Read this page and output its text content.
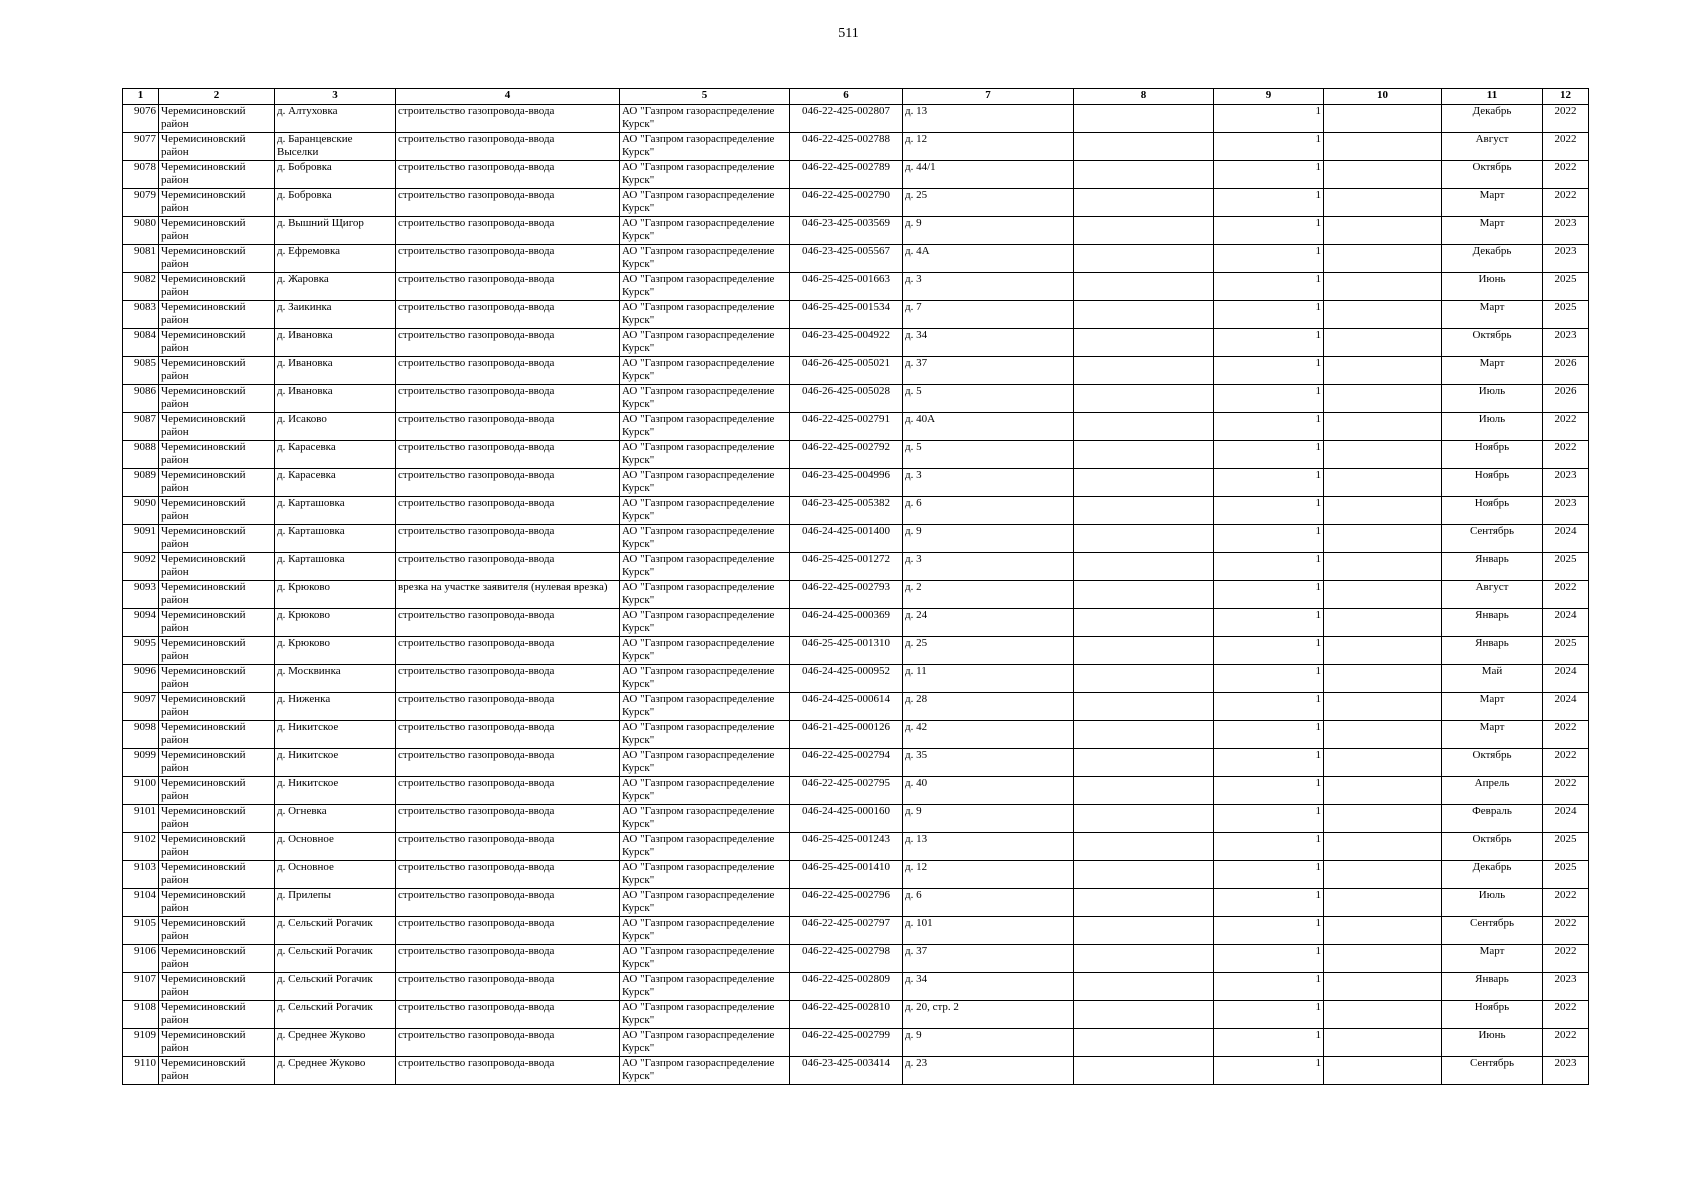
511
1	2	3	4	5	6	7	8	9	10	11	12

9076	Черемисиновский район	д. Алтуховка	строительство газопровода-ввода	АО "Газпром газораспределение Курск"	046-22-425-002807	д. 13		1		Декабрь	2022

9077	Черемисиновский район	д. Баранцевские Выселки	строительство газопровода-ввода	АО "Газпром газораспределение Курск"	046-22-425-002788	д. 12		1		Август	2022

9078	Черемисиновский район	д. Бобровка	строительство газопровода-ввода	АО "Газпром газораспределение Курск"	046-22-425-002789	д. 44/1		1		Октябрь	2022

9079	Черемисиновский район	д. Бобровка	строительство газопровода-ввода	АО "Газпром газораспределение Курск"	046-22-425-002790	д. 25		1		Март	2022

9080	Черемисиновский район	д. Вышний Щигор	строительство газопровода-ввода	АО "Газпром газораспределение Курск"	046-23-425-003569	д. 9		1		Март	2023

9081	Черемисиновский район	д. Ефремовка	строительство газопровода-ввода	АО "Газпром газораспределение Курск"	046-23-425-005567	д. 4А		1		Декабрь	2023

9082	Черемисиновский район	д. Жаровка	строительство газопровода-ввода	АО "Газпром газораспределение Курск"	046-25-425-001663	д. 3		1		Июнь	2025

9083	Черемисиновский район	д. Заикинка	строительство газопровода-ввода	АО "Газпром газораспределение Курск"	046-25-425-001534	д. 7		1		Март	2025

9084	Черемисиновский район	д. Ивановка	строительство газопровода-ввода	АО "Газпром газораспределение Курск"	046-23-425-004922	д. 34		1		Октябрь	2023

9085	Черемисиновский район	д. Ивановка	строительство газопровода-ввода	АО "Газпром газораспределение Курск"	046-26-425-005021	д. 37		1		Март	2026

9086	Черемисиновский район	д. Ивановка	строительство газопровода-ввода	АО "Газпром газораспределение Курск"	046-26-425-005028	д. 5		1		Июль	2026

9087	Черемисиновский район	д. Исаково	строительство газопровода-ввода	АО "Газпром газораспределение Курск"	046-22-425-002791	д. 40А		1		Июль	2022

9088	Черемисиновский район	д. Карасевка	строительство газопровода-ввода	АО "Газпром газораспределение Курск"	046-22-425-002792	д. 5		1		Ноябрь	2022

9089	Черемисиновский район	д. Карасевка	строительство газопровода-ввода	АО "Газпром газораспределение Курск"	046-23-425-004996	д. 3		1		Ноябрь	2023

9090	Черемисиновский район	д. Карташовка	строительство газопровода-ввода	АО "Газпром газораспределение Курск"	046-23-425-005382	д. 6		1		Ноябрь	2023

9091	Черемисиновский район	д. Карташовка	строительство газопровода-ввода	АО "Газпром газораспределение Курск"	046-24-425-001400	д. 9		1		Сентябрь	2024

9092	Черемисиновский район	д. Карташовка	строительство газопровода-ввода	АО "Газпром газораспределение Курск"	046-25-425-001272	д. 3		1		Январь	2025

9093	Черемисиновский район	д. Крюково	врезка на участке заявителя (нулевая врезка)	АО "Газпром газораспределение Курск"	046-22-425-002793	д. 2		1		Август	2022

9094	Черемисиновский район	д. Крюково	строительство газопровода-ввода	АО "Газпром газораспределение Курск"	046-24-425-000369	д. 24		1		Январь	2024

9095	Черемисиновский район	д. Крюково	строительство газопровода-ввода	АО "Газпром газораспределение Курск"	046-25-425-001310	д. 25		1		Январь	2025

9096	Черемисиновский район	д. Москвинка	строительство газопровода-ввода	АО "Газпром газораспределение Курск"	046-24-425-000952	д. 11		1		Май	2024

9097	Черемисиновский район	д. Ниженка	строительство газопровода-ввода	АО "Газпром газораспределение Курск"	046-24-425-000614	д. 28		1		Март	2024

9098	Черемисиновский район	д. Никитское	строительство газопровода-ввода	АО "Газпром газораспределение Курск"	046-21-425-000126	д. 42		1		Март	2022

9099	Черемисиновский район	д. Никитское	строительство газопровода-ввода	АО "Газпром газораспределение Курск"	046-22-425-002794	д. 35		1		Октябрь	2022

9100	Черемисиновский район	д. Никитское	строительство газопровода-ввода	АО "Газпром газораспределение Курск"	046-22-425-002795	д. 40		1		Апрель	2022

9101	Черемисиновский район	д. Огневка	строительство газопровода-ввода	АО "Газпром газораспределение Курск"	046-24-425-000160	д. 9		1		Февраль	2024

9102	Черемисиновский район	д. Основное	строительство газопровода-ввода	АО "Газпром газораспределение Курск"	046-25-425-001243	д. 13		1		Октябрь	2025

9103	Черемисиновский район	д. Основное	строительство газопровода-ввода	АО "Газпром газораспределение Курск"	046-25-425-001410	д. 12		1		Декабрь	2025

9104	Черемисиновский район	д. Прилепы	строительство газопровода-ввода	АО "Газпром газораспределение Курск"	046-22-425-002796	д. 6		1		Июль	2022

9105	Черемисиновский район	д. Сельский Рогачик	строительство газопровода-ввода	АО "Газпром газораспределение Курск"	046-22-425-002797	д. 101		1		Сентябрь	2022

9106	Черемисиновский район	д. Сельский Рогачик	строительство газопровода-ввода	АО "Газпром газораспределение Курск"	046-22-425-002798	д. 37		1		Март	2022

9107	Черемисиновский район	д. Сельский Рогачик	строительство газопровода-ввода	АО "Газпром газораспределение Курск"	046-22-425-002809	д. 34		1		Январь	2023

9108	Черемисиновский район	д. Сельский Рогачик	строительство газопровода-ввода	АО "Газпром газораспределение Курск"	046-22-425-002810	д. 20, стр. 2		1		Ноябрь	2022

9109	Черемисиновский район	д. Среднее Жуково	строительство газопровода-ввода	АО "Газпром газораспределение Курск"	046-22-425-002799	д. 9		1		Июнь	2022

9110	Черемисиновский район	д. Среднее Жуково	строительство газопровода-ввода	АО "Газпром газораспределение Курск"	046-23-425-003414	д. 23		1		Сентябрь	2023
